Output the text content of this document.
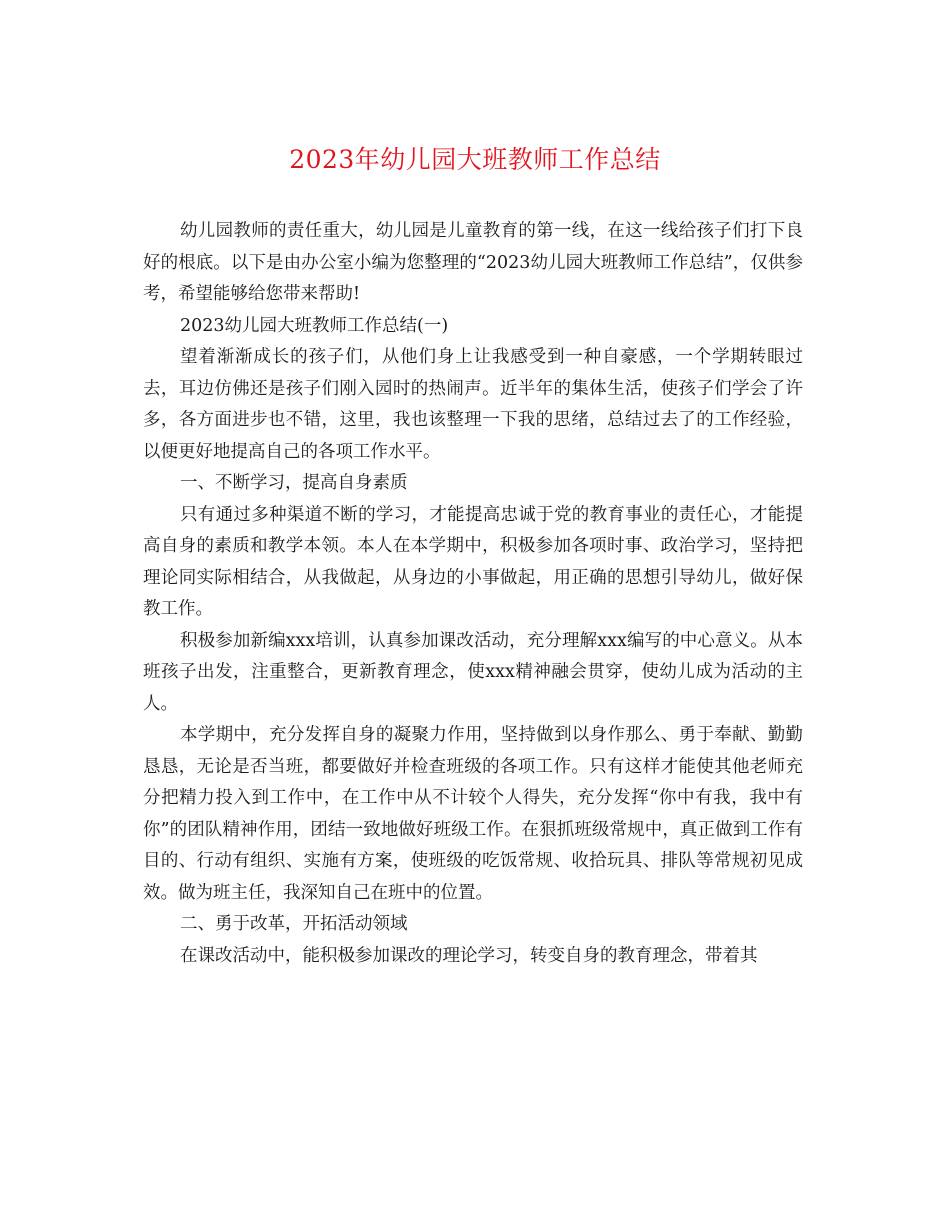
2023年幼儿园大班教师工作总结

幼儿园教师的责任重大，幼儿园是儿童教育的第一线，在这一线给孩子们打下良好的根底。以下是由办公室小编为您整理的“2023幼儿园大班教师工作总结”，仅供参考，希望能够给您带来帮助!

2023幼儿园大班教师工作总结(一)

望着渐渐成长的孩子们，从他们身上让我感受到一种自豪感，一个学期转眼过去，耳边仿佛还是孩子们刚入园时的热闹声。近半年的集体生活，使孩子们学会了许多，各方面进步也不错，这里，我也该整理一下我的思绪，总结过去了的工作经验，以便更好地提高自己的各项工作水平。

一、不断学习，提高自身素质

只有通过多种渠道不断的学习，才能提高忠诚于党的教育事业的责任心，才能提高自身的素质和教学本领。本人在本学期中，积极参加各项时事、政治学习，坚持把理论同实际相结合，从我做起，从身边的小事做起，用正确的思想引导幼儿，做好保教工作。

积极参加新编xxx培训，认真参加课改活动，充分理解xxx编写的中心意义。从本班孩子出发，注重整合，更新教育理念，使xxx精神融会贯穿，使幼儿成为活动的主人。

本学期中，充分发挥自身的凝聚力作用，坚持做到以身作那么、勇于奉献、勤勤恳恳，无论是否当班，都要做好并检查班级的各项工作。只有这样才能使其他老师充分把精力投入到工作中，在工作中从不计较个人得失，充分发挥“你中有我，我中有你”的团队精神作用，团结一致地做好班级工作。在狠抓班级常规中，真正做到工作有目的、行动有组织、实施有方案，使班级的吃饭常规、收拾玩具、排队等常规初见成效。做为班主任，我深知自己在班中的位置。

二、勇于改革，开拓活动领域

在课改活动中，能积极参加课改的理论学习，转变自身的教育理念，带着其
